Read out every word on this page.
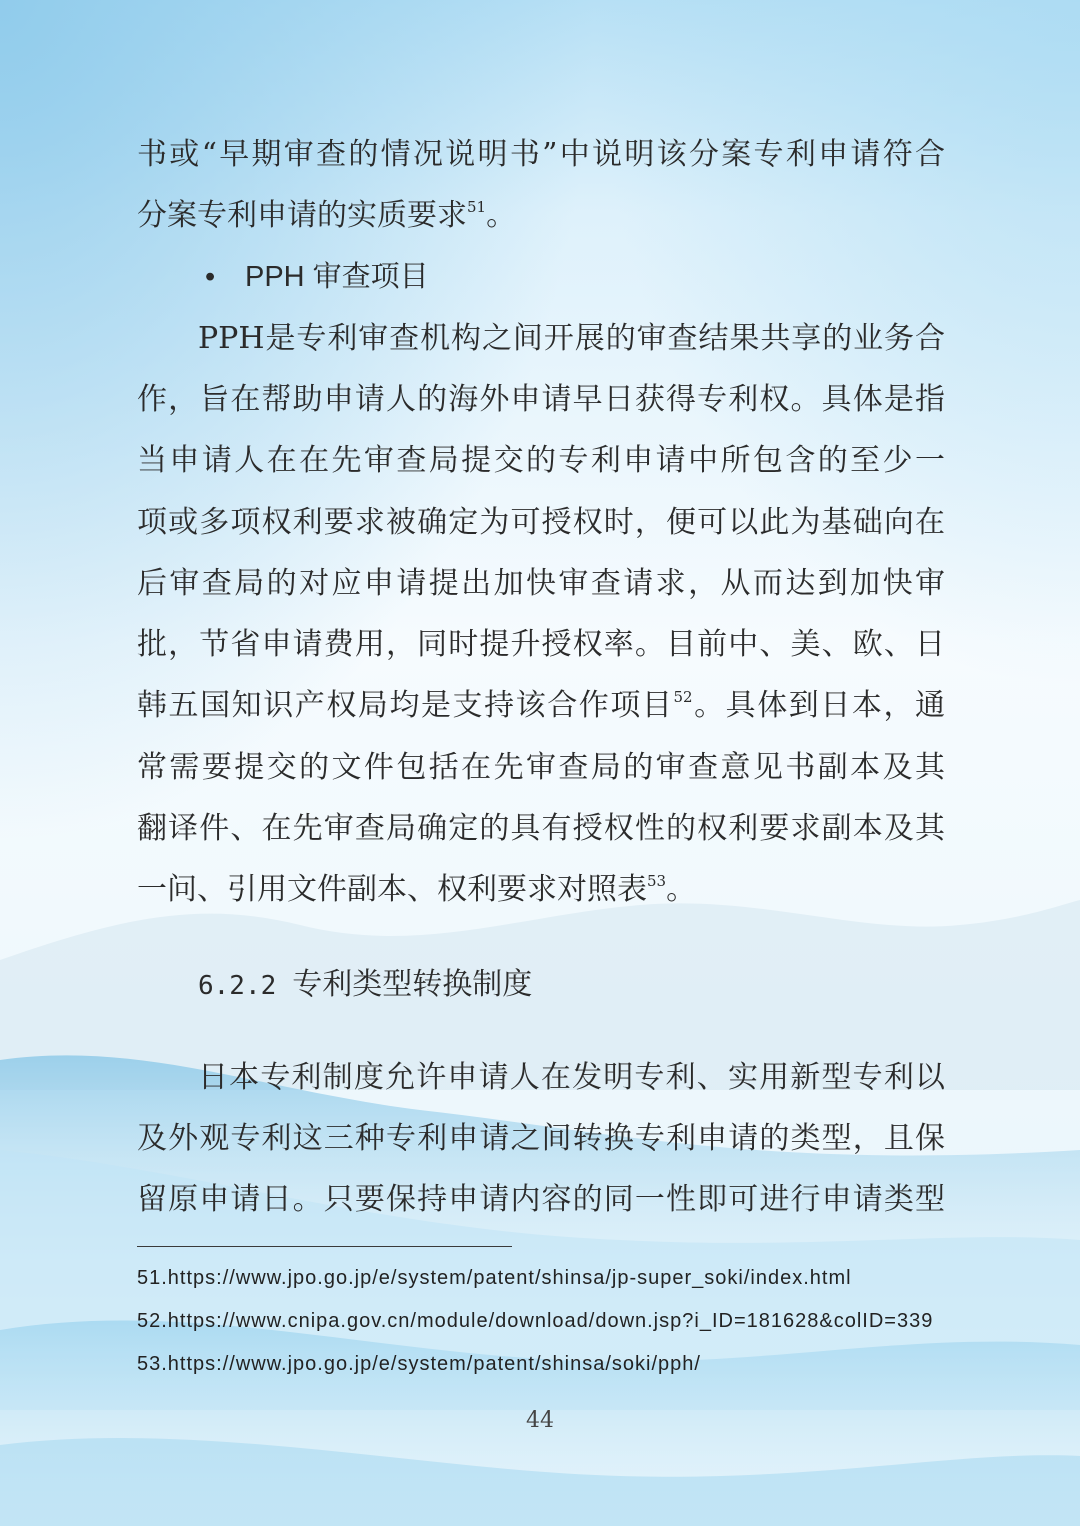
书或“早期审查的情况说明书”中说明该分案专利申请符合
分案专利申请的实质要求$^{51}$。
• PPH 审查项目
PPH是专利审查机构之间开展的审查结果共享的业务合
作，旨在帮助申请人的海外申请早日获得专利权。具体是指
当申请人在在先审查局提交的专利申请中所包含的至少一
项或多项权利要求被确定为可授权时，便可以此为基础向在
后审查局的对应申请提出加快审查请求，从而达到加快审
批，节省申请费用，同时提升授权率。目前中、美、欧、日
韩五国知识产权局均是支持该合作项目$^{52}$。具体到日本，通
常需要提交的文件包括在先审查局的审查意见书副本及其
翻译件、在先审查局确定的具有授权性的权利要求副本及其
一问、引用文件副本、权利要求对照表$^{53}$。
6.2.2 专利类型转换制度
日本专利制度允许申请人在发明专利、实用新型专利以
及外观专利这三种专利申请之间转换专利申请的类型，且保
留原申请日。只要保持申请内容的同一性即可进行申请类型
51.https://www.jpo.go.jp/e/system/patent/shinsa/jp-super_soki/index.html
52.https://www.cnipa.gov.cn/module/download/down.jsp?i_ID=181628&colID=339
53.https://www.jpo.go.jp/e/system/patent/shinsa/soki/pph/
44
